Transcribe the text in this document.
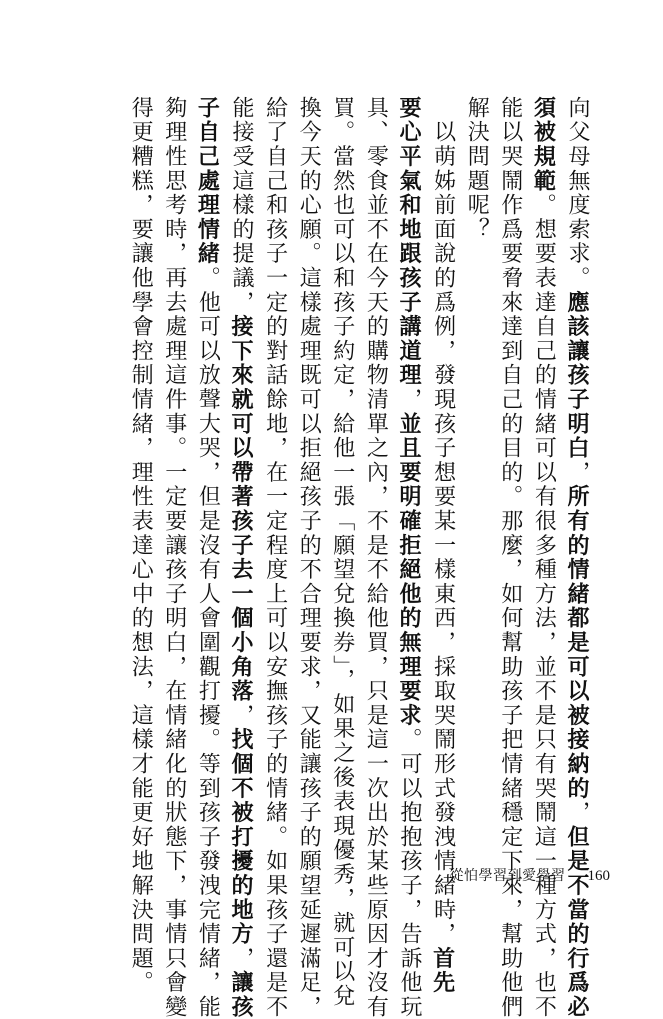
向父母無度索求。應該讓孩子明白，所有的情緒都是可以被接納的，但是不當的行爲必
須被規範。想要表達自己的情緒可以有很多種方法，並不是只有哭鬧這一種方式，也不
能以哭鬧作爲要脅來達到自己的目的。那麼，如何幫助孩子把情緒穩定下來，幫助他們
解決問題呢？
　以萌姊前面說的爲例，發現孩子想要某一樣東西，採取哭鬧形式發洩情緒時，首先
要心平氣和地跟孩子講道理，並且要明確拒絕他的無理要求。可以抱抱孩子，告訴他玩
具、零食並不在今天的購物清單之內，不是不給他買，只是這一次出於某些原因才沒有
買。當然也可以和孩子約定，給他一張「願望兌換券」，如果之後表現優秀，就可以兌
換今天的心願。這樣處理既可以拒絕孩子的不合理要求，又能讓孩子的願望延遲滿足，
給了自己和孩子一定的對話餘地，在一定程度上可以安撫孩子的情緒。如果孩子還是不
能接受這樣的提議，接下來就可以帶著孩子去一個小角落，找個不被打擾的地方，讓孩
子自己處理情緒。他可以放聲大哭，但是沒有人會圍觀打擾。等到孩子發洩完情緒，能
夠理性思考時，再去處理這件事。一定要讓孩子明白，在情緒化的狀態下，事情只會變
得更糟糕，要讓他學會控制情緒，理性表達心中的想法，這樣才能更好地解決問題。	從怕學習到愛學習 160
